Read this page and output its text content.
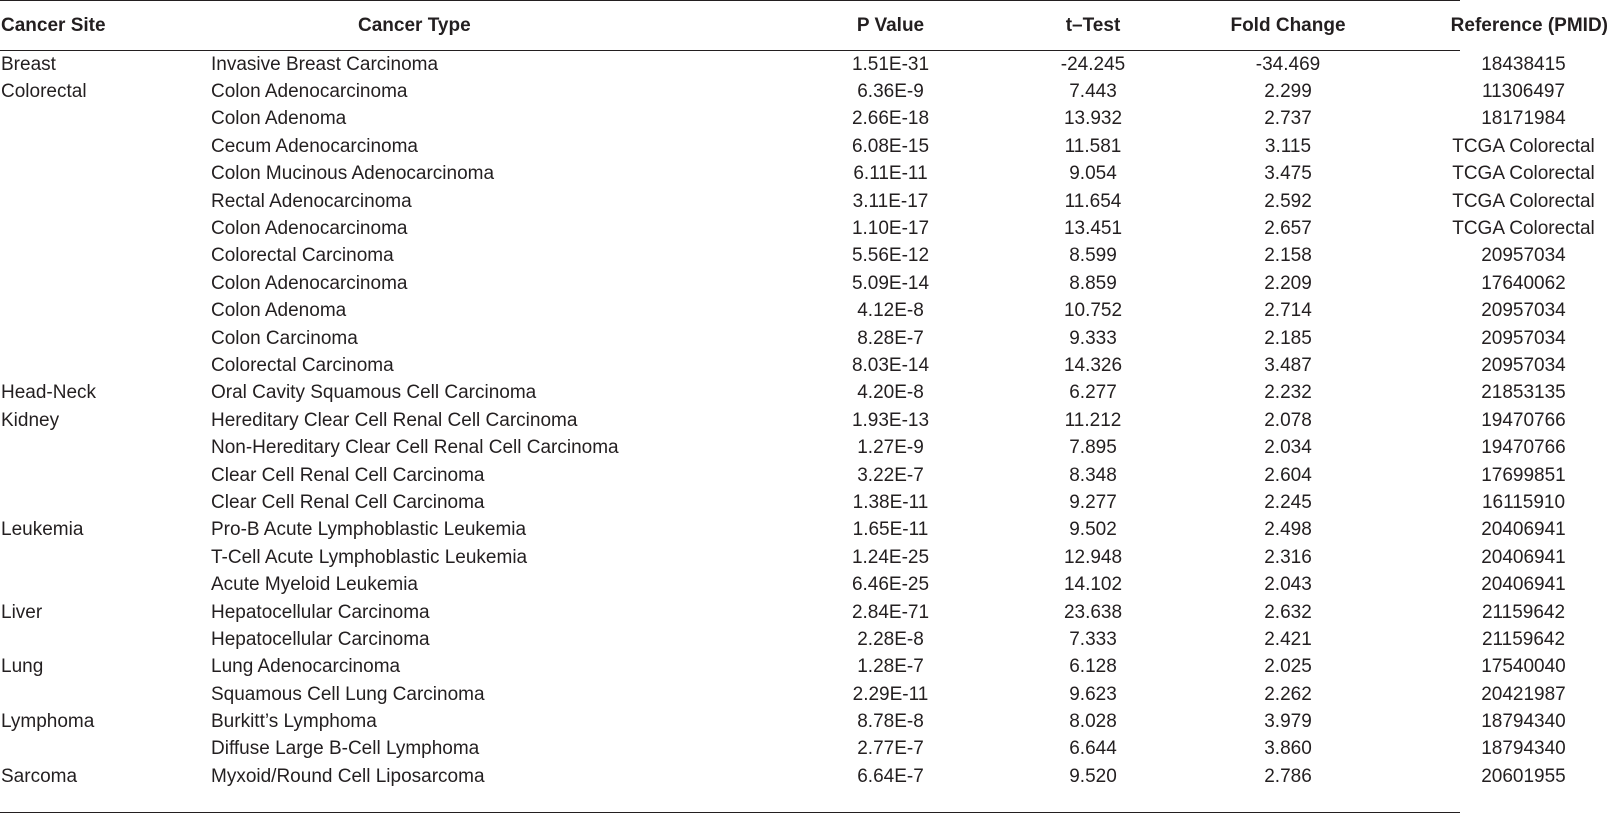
Cancer Site	Cancer Type	P Value	t–Test	Fold Change	Reference (PMID)
Breast	Invasive Breast Carcinoma	1.51E-31	-24.245	-34.469	18438415
Colorectal	Colon Adenocarcinoma	6.36E-9	7.443	2.299	11306497
	Colon Adenoma	2.66E-18	13.932	2.737	18171984
	Cecum Adenocarcinoma	6.08E-15	11.581	3.115	TCGA Colorectal
	Colon Mucinous Adenocarcinoma	6.11E-11	9.054	3.475	TCGA Colorectal
	Rectal Adenocarcinoma	3.11E-17	11.654	2.592	TCGA Colorectal
	Colon Adenocarcinoma	1.10E-17	13.451	2.657	TCGA Colorectal
	Colorectal Carcinoma	5.56E-12	8.599	2.158	20957034
	Colon Adenocarcinoma	5.09E-14	8.859	2.209	17640062
	Colon Adenoma	4.12E-8	10.752	2.714	20957034
	Colon Carcinoma	8.28E-7	9.333	2.185	20957034
	Colorectal Carcinoma	8.03E-14	14.326	3.487	20957034
Head-Neck	Oral Cavity Squamous Cell Carcinoma	4.20E-8	6.277	2.232	21853135
Kidney	Hereditary Clear Cell Renal Cell Carcinoma	1.93E-13	11.212	2.078	19470766
	Non-Hereditary Clear Cell Renal Cell Carcinoma	1.27E-9	7.895	2.034	19470766
	Clear Cell Renal Cell Carcinoma	3.22E-7	8.348	2.604	17699851
	Clear Cell Renal Cell Carcinoma	1.38E-11	9.277	2.245	16115910
Leukemia	Pro-B Acute Lymphoblastic Leukemia	1.65E-11	9.502	2.498	20406941
	T-Cell Acute Lymphoblastic Leukemia	1.24E-25	12.948	2.316	20406941
	Acute Myeloid Leukemia	6.46E-25	14.102	2.043	20406941
Liver	Hepatocellular Carcinoma	2.84E-71	23.638	2.632	21159642
	Hepatocellular Carcinoma	2.28E-8	7.333	2.421	21159642
Lung	Lung Adenocarcinoma	1.28E-7	6.128	2.025	17540040
	Squamous Cell Lung Carcinoma	2.29E-11	9.623	2.262	20421987
Lymphoma	Burkitt’s Lymphoma	8.78E-8	8.028	3.979	18794340
	Diffuse Large B-Cell Lymphoma	2.77E-7	6.644	3.860	18794340
Sarcoma	Myxoid/Round Cell Liposarcoma	6.64E-7	9.520	2.786	20601955
